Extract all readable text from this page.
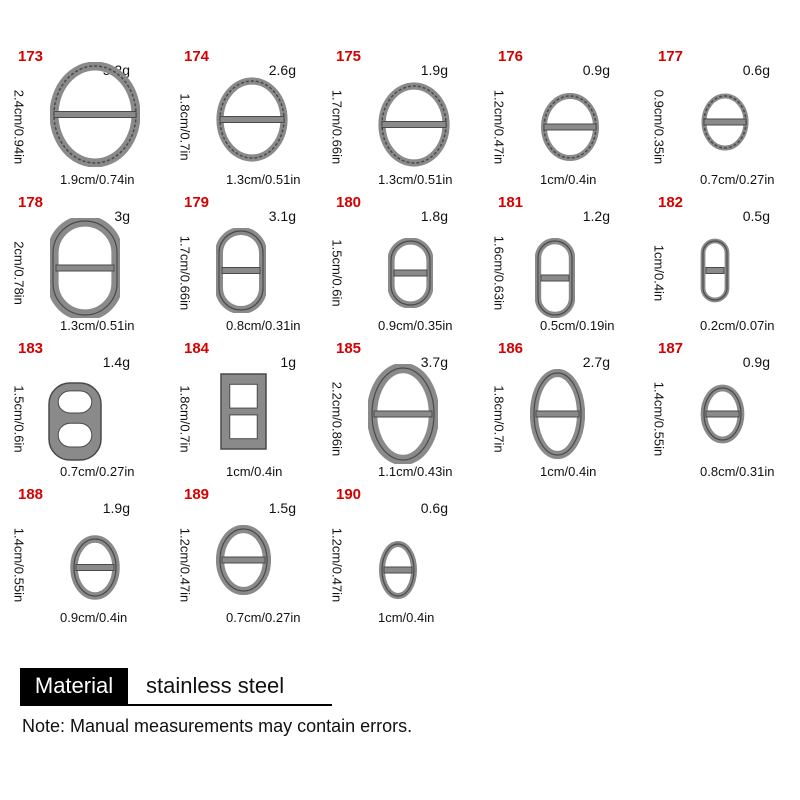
173
5.2g
2.4cm/0.94in
1.9cm/0.74in
174
2.6g
1.8cm/0.7in
1.3cm/0.51in
175
1.9g
1.7cm/0.66in
1.3cm/0.51in
176
0.9g
1.2cm/0.47in
1cm/0.4in
177
0.6g
0.9cm/0.35in
0.7cm/0.27in
178
3g
2cm/0.78in
1.3cm/0.51in
179
3.1g
1.7cm/0.66in
0.8cm/0.31in
180
1.8g
1.5cm/0.6in
0.9cm/0.35in
181
1.2g
1.6cm/0.63in
0.5cm/0.19in
182
0.5g
1cm/0.4in
0.2cm/0.07in
183
1.4g
1.5cm/0.6in
0.7cm/0.27in
184
1g
1.8cm/0.7in
1cm/0.4in
185
3.7g
2.2cm/0.86in
1.1cm/0.43in
186
2.7g
1.8cm/0.7in
1cm/0.4in
187
0.9g
1.4cm/0.55in
0.8cm/0.31in
188
1.9g
1.4cm/0.55in
0.9cm/0.4in
189
1.5g
1.2cm/0.47in
0.7cm/0.27in
190
0.6g
1.2cm/0.47in
1cm/0.4in
Material	stainless steel
Note: Manual measurements may contain errors.
